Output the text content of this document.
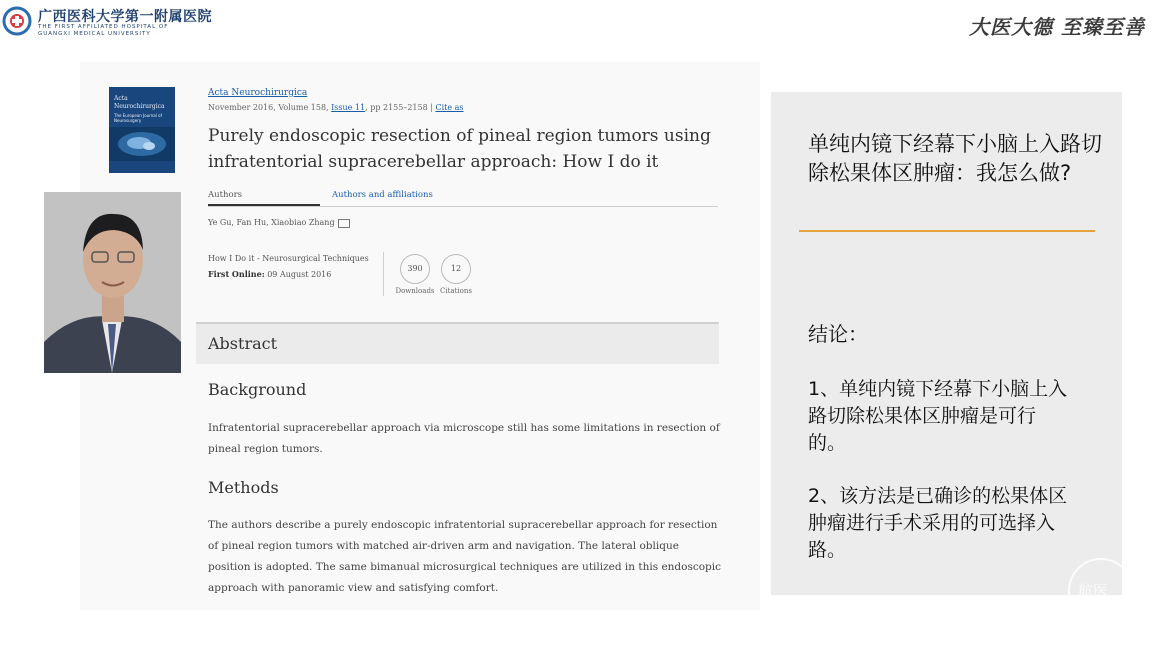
广西医科大学第一附属医院
THE FIRST AFFILIATED HOSPITAL OF
GUANGXI MEDICAL UNIVERSITY	大医大德 至臻至善
Acta Neurochirurgica
The European Journal of Neurosurgery
Acta Neurochirurgica
November 2016, Volume 158, Issue 11, pp 2155–2158 | Cite as
Purely endoscopic resection of pineal region tumors using infratentorial supracerebellar approach: How I do it
Authors	Authors and affiliations
Ye Gu, Fan Hu, Xiaobiao Zhang
How I Do it - Neurosurgical Techniques
First Online: 09 August 2016
390
Downloads
12
Citations
Abstract
Background
Infratentorial supracerebellar approach via microscope still has some limitations in resection of pineal region tumors.
Methods
The authors describe a purely endoscopic infratentorial supracerebellar approach for resection of pineal region tumors with matched air-driven arm and navigation. The lateral oblique position is adopted. The same bimanual microsurgical techniques are utilized in this endoscopic approach with panoramic view and satisfying comfort.
单纯内镜下经幕下小脑上入路切除松果体区肿瘤：我怎么做?
结论：
1、单纯内镜下经幕下小脑上入路切除松果体区肿瘤是可行的。
2、该方法是已确诊的松果体区肿瘤进行手术采用的可选择入路。
航医
